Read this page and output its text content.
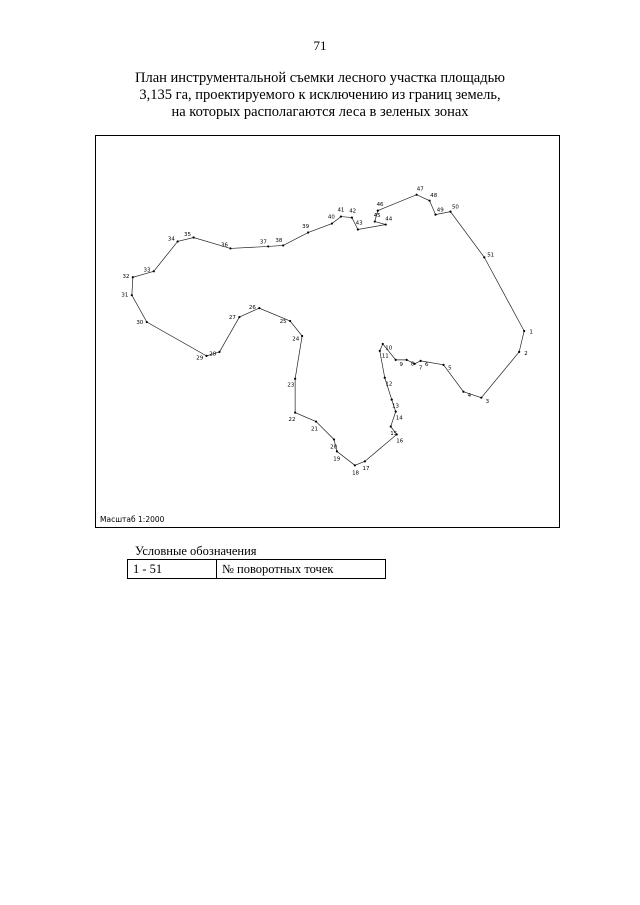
71
План инструментальной съемки лесного участка площадью
3,135 га, проектируемого к исключению из границ земель,
на которых располагаются леса в зеленых зонах
1
2
3
4
5
6
7
8
9
10
11
12
13
14
15
16
17
18
19
20
21
22
23
24
25
26
27
28
29
30
31
32
33
34
35
36
37 38
39
40
41 42
43
44
45
46
47
48
49 50
51
Масштаб 1:2000
Условные обозначения
1 - 51	№ поворотных точек
